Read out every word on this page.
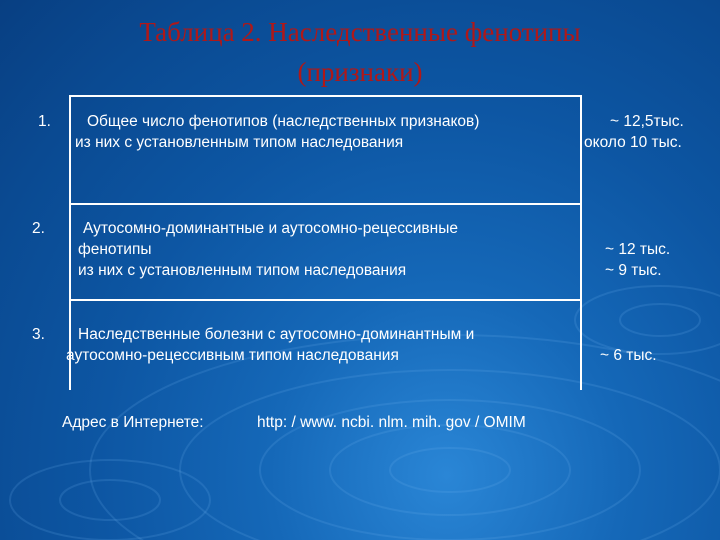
Таблица 2. Наследственные фенотипы
(признаки)
1. Общее число фенотипов (наследственных признаков)
из них с установленным типом наследования
~ 12,5тыс.
около 10 тыс.
2. Аутосомно-доминантные и аутосомно-рецессивные
фенотипы
из них с установленным типом наследования
~ 12 тыс.
~ 9 тыс.
3. Наследственные болезни с аутосомно-доминантным и
аутосомно-рецессивным типом наследования	~ 6 тыс.
Адрес в Интернете:	http: / www. ncbi. nlm. mih. gov / OMIM
